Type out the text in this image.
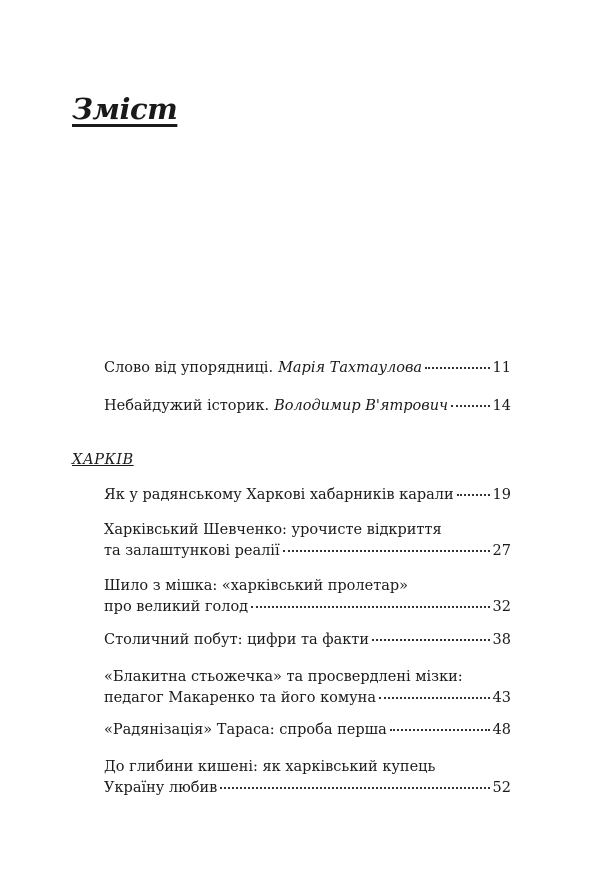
Зміст
Слово від упорядниці. Марія Тахтаулова	11
Небайдужий історик. Володимир В'ятрович	14
ХАРКІВ
Як у радянському Харкові хабарників карали	19
Харківський Шевченко: урочисте відкриття
та залаштункові реалії	27
Шило з мішка: «харківський пролетар»
про великий голод	32
Столичний побут: цифри та факти	38
«Блакитна стьожечка» та просвердлені мізки:
педагог Макаренко та його комуна	43
«Радянізація» Тараса: спроба перша	48
До глибини кишені: як харківський купець
Україну любив	52
